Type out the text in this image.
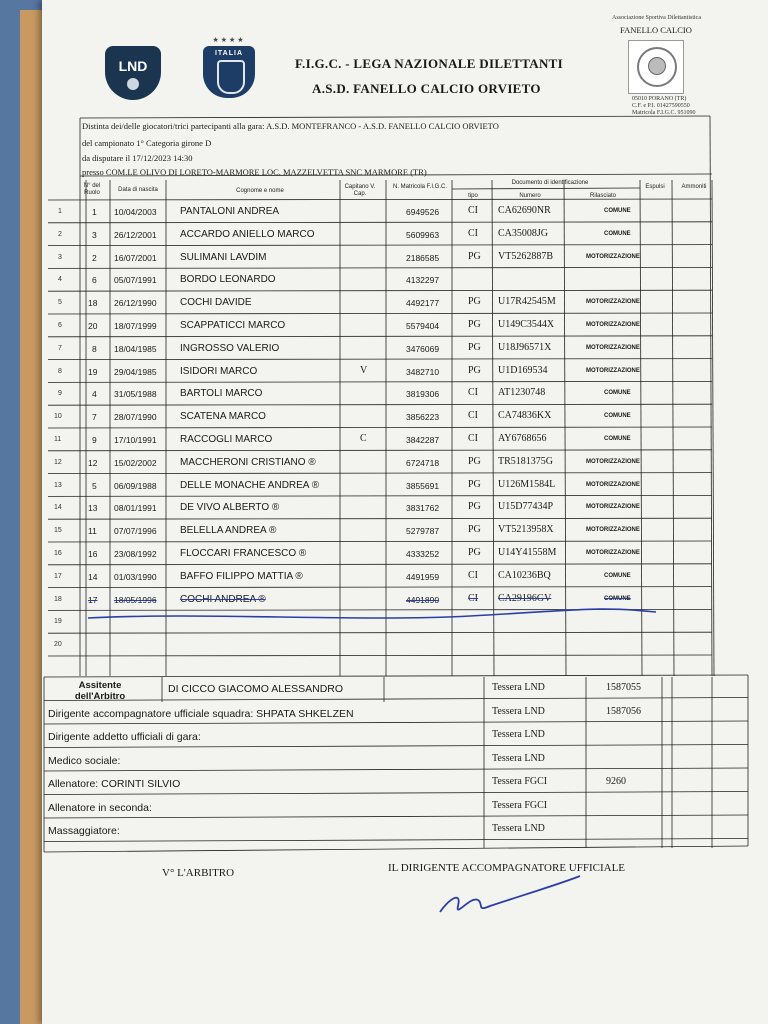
LND
★★★★
ITALIA
F.I.G.C. - LEGA NAZIONALE DILETTANTI
A.S.D. FANELLO CALCIO ORVIETO
Associazione Sportiva Dilettantistica
FANELLO CALCIO
05010 PORANO (TR)
C.F. e P.I. 01427590550
Matricola F.I.G.C. 951090
Distinta dei/delle giocatori/trici partecipanti alla gara: A.S.D. MONTEFRANCO - A.S.D. FANELLO CALCIO ORVIETO
del campionato 1° Categoria girone D
da disputare il 17/12/2023 14:30
presso COM.LE OLIVO DI LORETO-MARMORE LOC. MAZZELVETTA SNC MARMORE (TR)
N° del Ruolo	Data di nascita	Cognome e nome
Capitano V. Cap.
N. Matricola F.I.G.C.
Documento di identificazione
tipo	Numero	Rilasciato
Espulsi	Ammoniti
1	1 10/04/2003 PANTALONI ANDREA	6949526	CI CA62690NR	COMUNE
2	3 26/12/2001 ACCARDO ANIELLO MARCO	5609963	CI CA35008JG	COMUNE
3	2 16/07/2001 SULIMANI LAVDIM	2186585	PG VT5262887B	MOTORIZZAZIONE
4	6 05/07/1991 BORDO LEONARDO	4132297
5	18 26/12/1990 COCHI DAVIDE	4492177	PG U17R42545M	MOTORIZZAZIONE
6	20 18/07/1999 SCAPPATICCI MARCO	5579404	PG U149C3544X	MOTORIZZAZIONE
7	8 18/04/1985 INGROSSO VALERIO	3476069	PG U18J96571X	MOTORIZZAZIONE
8	19 29/04/1985 ISIDORI MARCO	V	3482710	PG U1D169534	MOTORIZZAZIONE
9	4 31/05/1988 BARTOLI MARCO	3819306	CI AT1230748	COMUNE
10	7 28/07/1990 SCATENA MARCO	3856223	CI CA74836KX	COMUNE
11	9 17/10/1991 RACCOGLI MARCO	C	3842287	CI AY6768656	COMUNE
12	12 15/02/2002 MACCHERONI CRISTIANO ®	6724718	PG TR5181375G	MOTORIZZAZIONE
13	5 06/09/1988 DELLE MONACHE ANDREA ®	3855691	PG U126M1584L	MOTORIZZAZIONE
14	13 08/01/1991 DE VIVO ALBERTO ®	3831762	PG U15D77434P	MOTORIZZAZIONE
15	11 07/07/1996 BELELLA ANDREA ®	5279787	PG VT5213958X	MOTORIZZAZIONE
16	16 23/08/1992 FLOCCARI FRANCESCO ®	4333252	PG U14Y41558M	MOTORIZZAZIONE
17	14 01/03/1990 BAFFO FILIPPO MATTIA ®	4491959	CI CA10236BQ	COMUNE
18	17 18/05/1996 COCHI ANDREA ®	4491890	CI CA29196GV	COMUNE
19
20
Assitente dell'Arbitro
DI CICCO GIACOMO ALESSANDRO	Tessera LND	1587055
Dirigente accompagnatore ufficiale squadra: SHPATA SHKELZEN	Tessera LND	1587056
Dirigente addetto ufficiali di gara:	Tessera LND
Medico sociale:	Tessera LND
Allenatore: CORINTI SILVIO	Tessera FGCI	9260
Allenatore in seconda:	Tessera FGCI
Massaggiatore:	Tessera LND
V° L'ARBITRO	IL DIRIGENTE ACCOMPAGNATORE UFFICIALE
